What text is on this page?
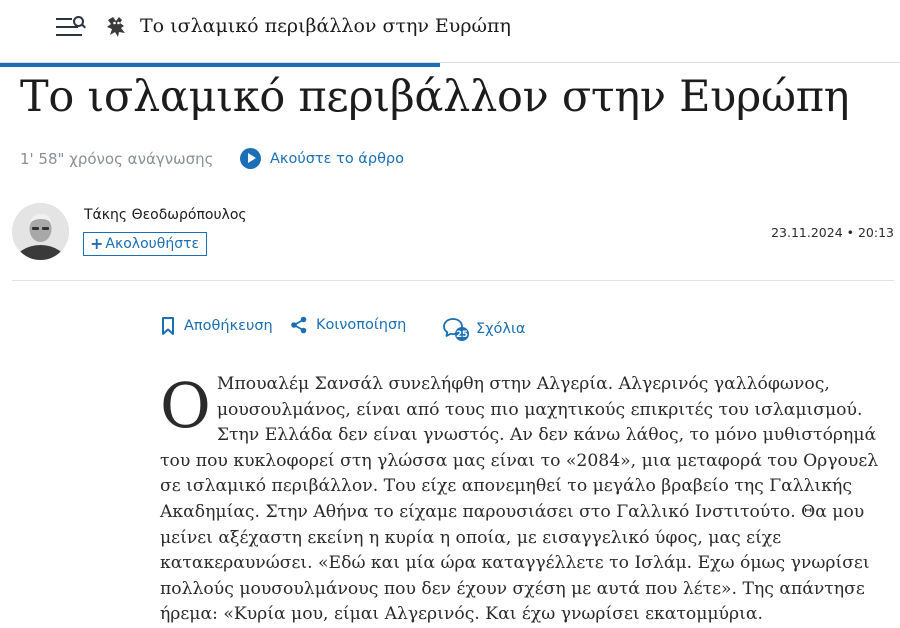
Το ισλαμικό περιβάλλον στην Ευρώπη
Το ισλαμικό περιβάλλον στην Ευρώπη
1' 58" χρόνος ανάγνωσης	Ακούστε το άρθρο
Τάκης Θεοδωρόπουλος
+ Ακολουθήστε
23.11.2024 • 20:13
Αποθήκευση	Κοινοποίηση
25 Σχόλια
Ο Μπουαλέμ Σανσάλ συνελήφθη στην Αλγερία. Αλγερινός γαλλόφωνος, μουσουλμάνος, είναι από τους πιο μαχητικούς επικριτές του ισλαμισμού. Στην Ελλάδα δεν είναι γνωστός. Αν δεν κάνω λάθος, το μόνο μυθιστόρημά του που κυκλοφορεί στη γλώσσα μας είναι το «2084», μια μεταφορά του Οργουελ σε ισλαμικό περιβάλλον. Του είχε απονεμηθεί το μεγάλο βραβείο της Γαλλικής Ακαδημίας. Στην Αθήνα το είχαμε παρουσιάσει στο Γαλλικό Ινστιτούτο. Θα μου μείνει αξέχαστη εκείνη η κυρία η οποία, με εισαγγελικό ύφος, μας είχε κατακεραυνώσει. «Εδώ και μία ώρα καταγγέλλετε το Ισλάμ. Εχω όμως γνωρίσει πολλούς μουσουλμάνους που δεν έχουν σχέση με αυτά που λέτε». Της απάντησε ήρεμα: «Κυρία μου, είμαι Αλγερινός. Και έχω γνωρίσει εκατομμύρια.
